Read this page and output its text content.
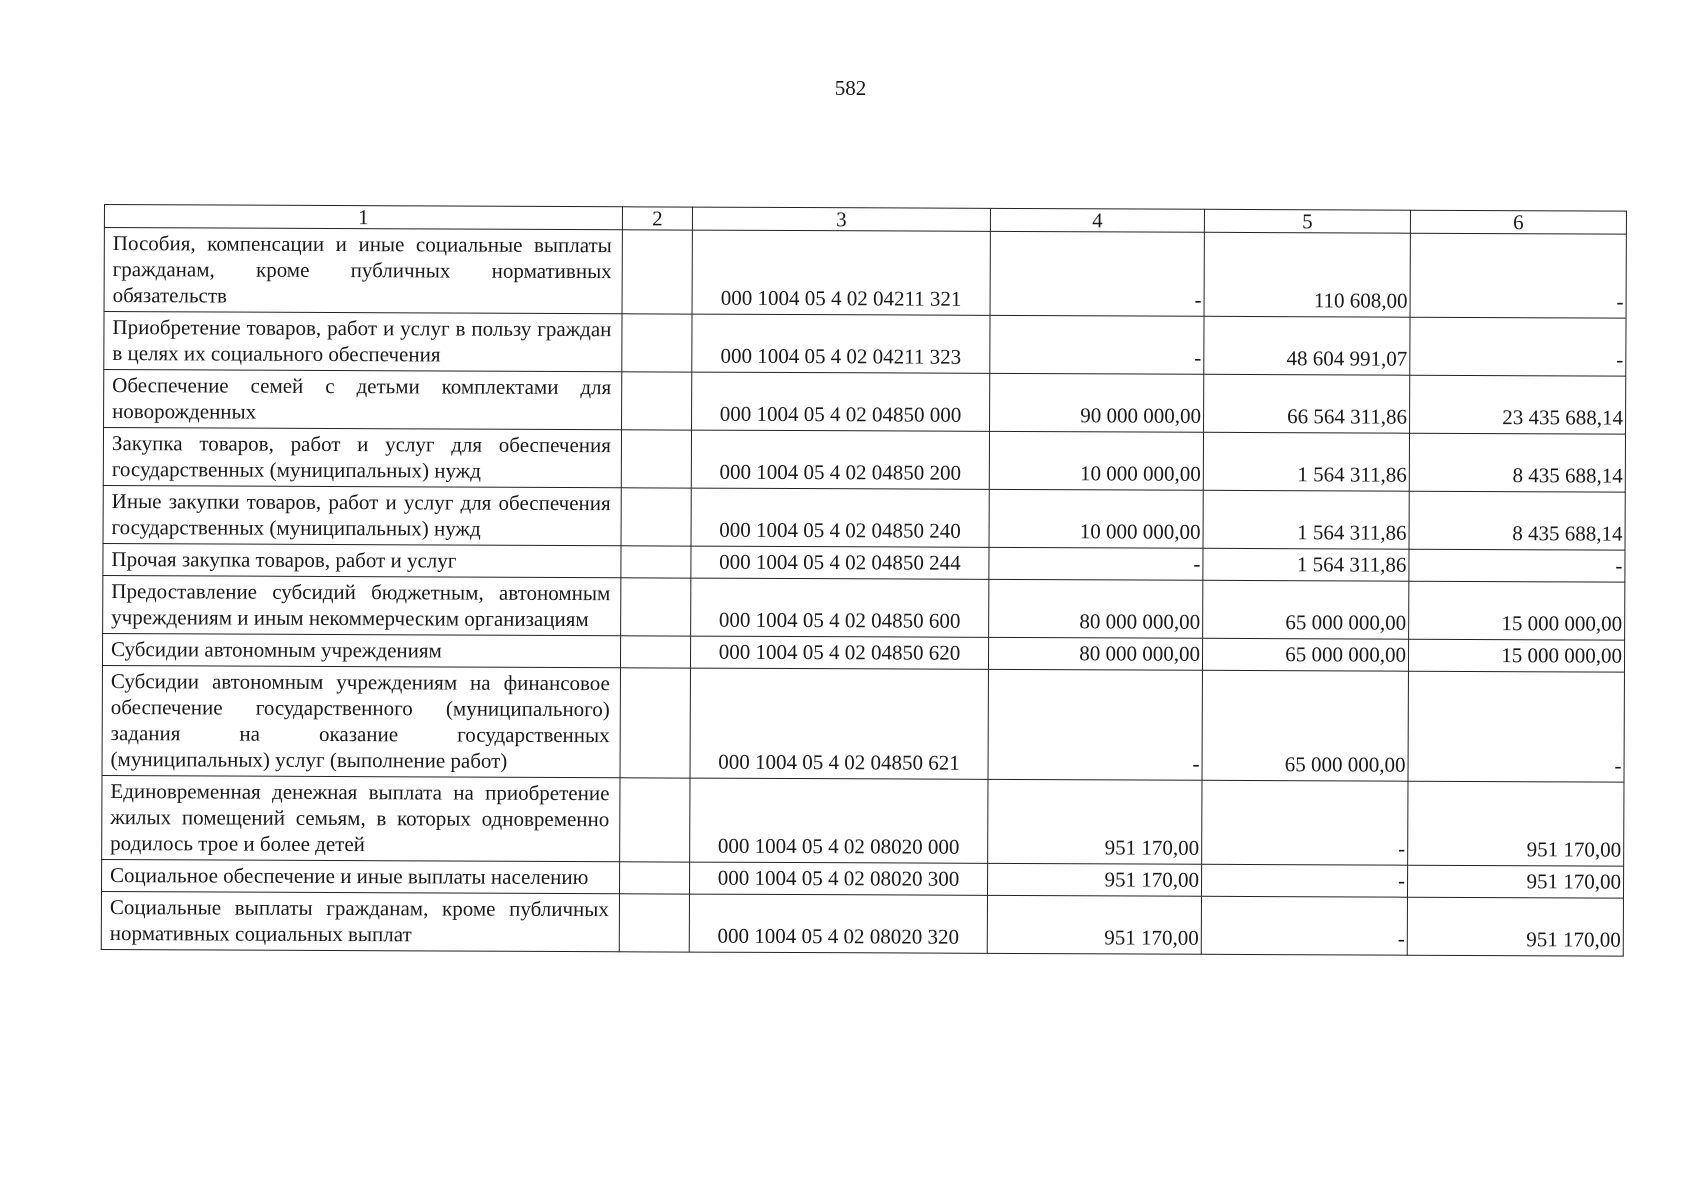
582
1	2	3	4	5	6
Пособия, компенсации и иные социальные выплаты гражданам, кроме публичных нормативных обязательств		000 1004 05 4 02 04211 321	-	110 608,00	-
Приобретение товаров, работ и услуг в пользу граждан в целях их социального обеспечения		000 1004 05 4 02 04211 323	-	48 604 991,07	-
Обеспечение семей с детьми комплектами для новорожденных		000 1004 05 4 02 04850 000	90 000 000,00	66 564 311,86	23 435 688,14
Закупка товаров, работ и услуг для обеспечения государственных (муниципальных) нужд		000 1004 05 4 02 04850 200	10 000 000,00	1 564 311,86	8 435 688,14
Иные закупки товаров, работ и услуг для обеспечения государственных (муниципальных) нужд		000 1004 05 4 02 04850 240	10 000 000,00	1 564 311,86	8 435 688,14
Прочая закупка товаров, работ и услуг		000 1004 05 4 02 04850 244	-	1 564 311,86	-
Предоставление субсидий бюджетным, автономным учреждениям и иным некоммерческим организациям		000 1004 05 4 02 04850 600	80 000 000,00	65 000 000,00	15 000 000,00
Субсидии автономным учреждениям		000 1004 05 4 02 04850 620	80 000 000,00	65 000 000,00	15 000 000,00
Субсидии автономным учреждениям на финансовое обеспечение государственного (муниципального) задания на оказание государственных (муниципальных) услуг (выполнение работ)		000 1004 05 4 02 04850 621	-	65 000 000,00	-
Единовременная денежная выплата на приобретение жилых помещений семьям, в которых одновременно родилось трое и более детей		000 1004 05 4 02 08020 000	951 170,00	-	951 170,00
Социальное обеспечение и иные выплаты населению		000 1004 05 4 02 08020 300	951 170,00	-	951 170,00
Социальные выплаты гражданам, кроме публичных нормативных социальных выплат		000 1004 05 4 02 08020 320	951 170,00	-	951 170,00
